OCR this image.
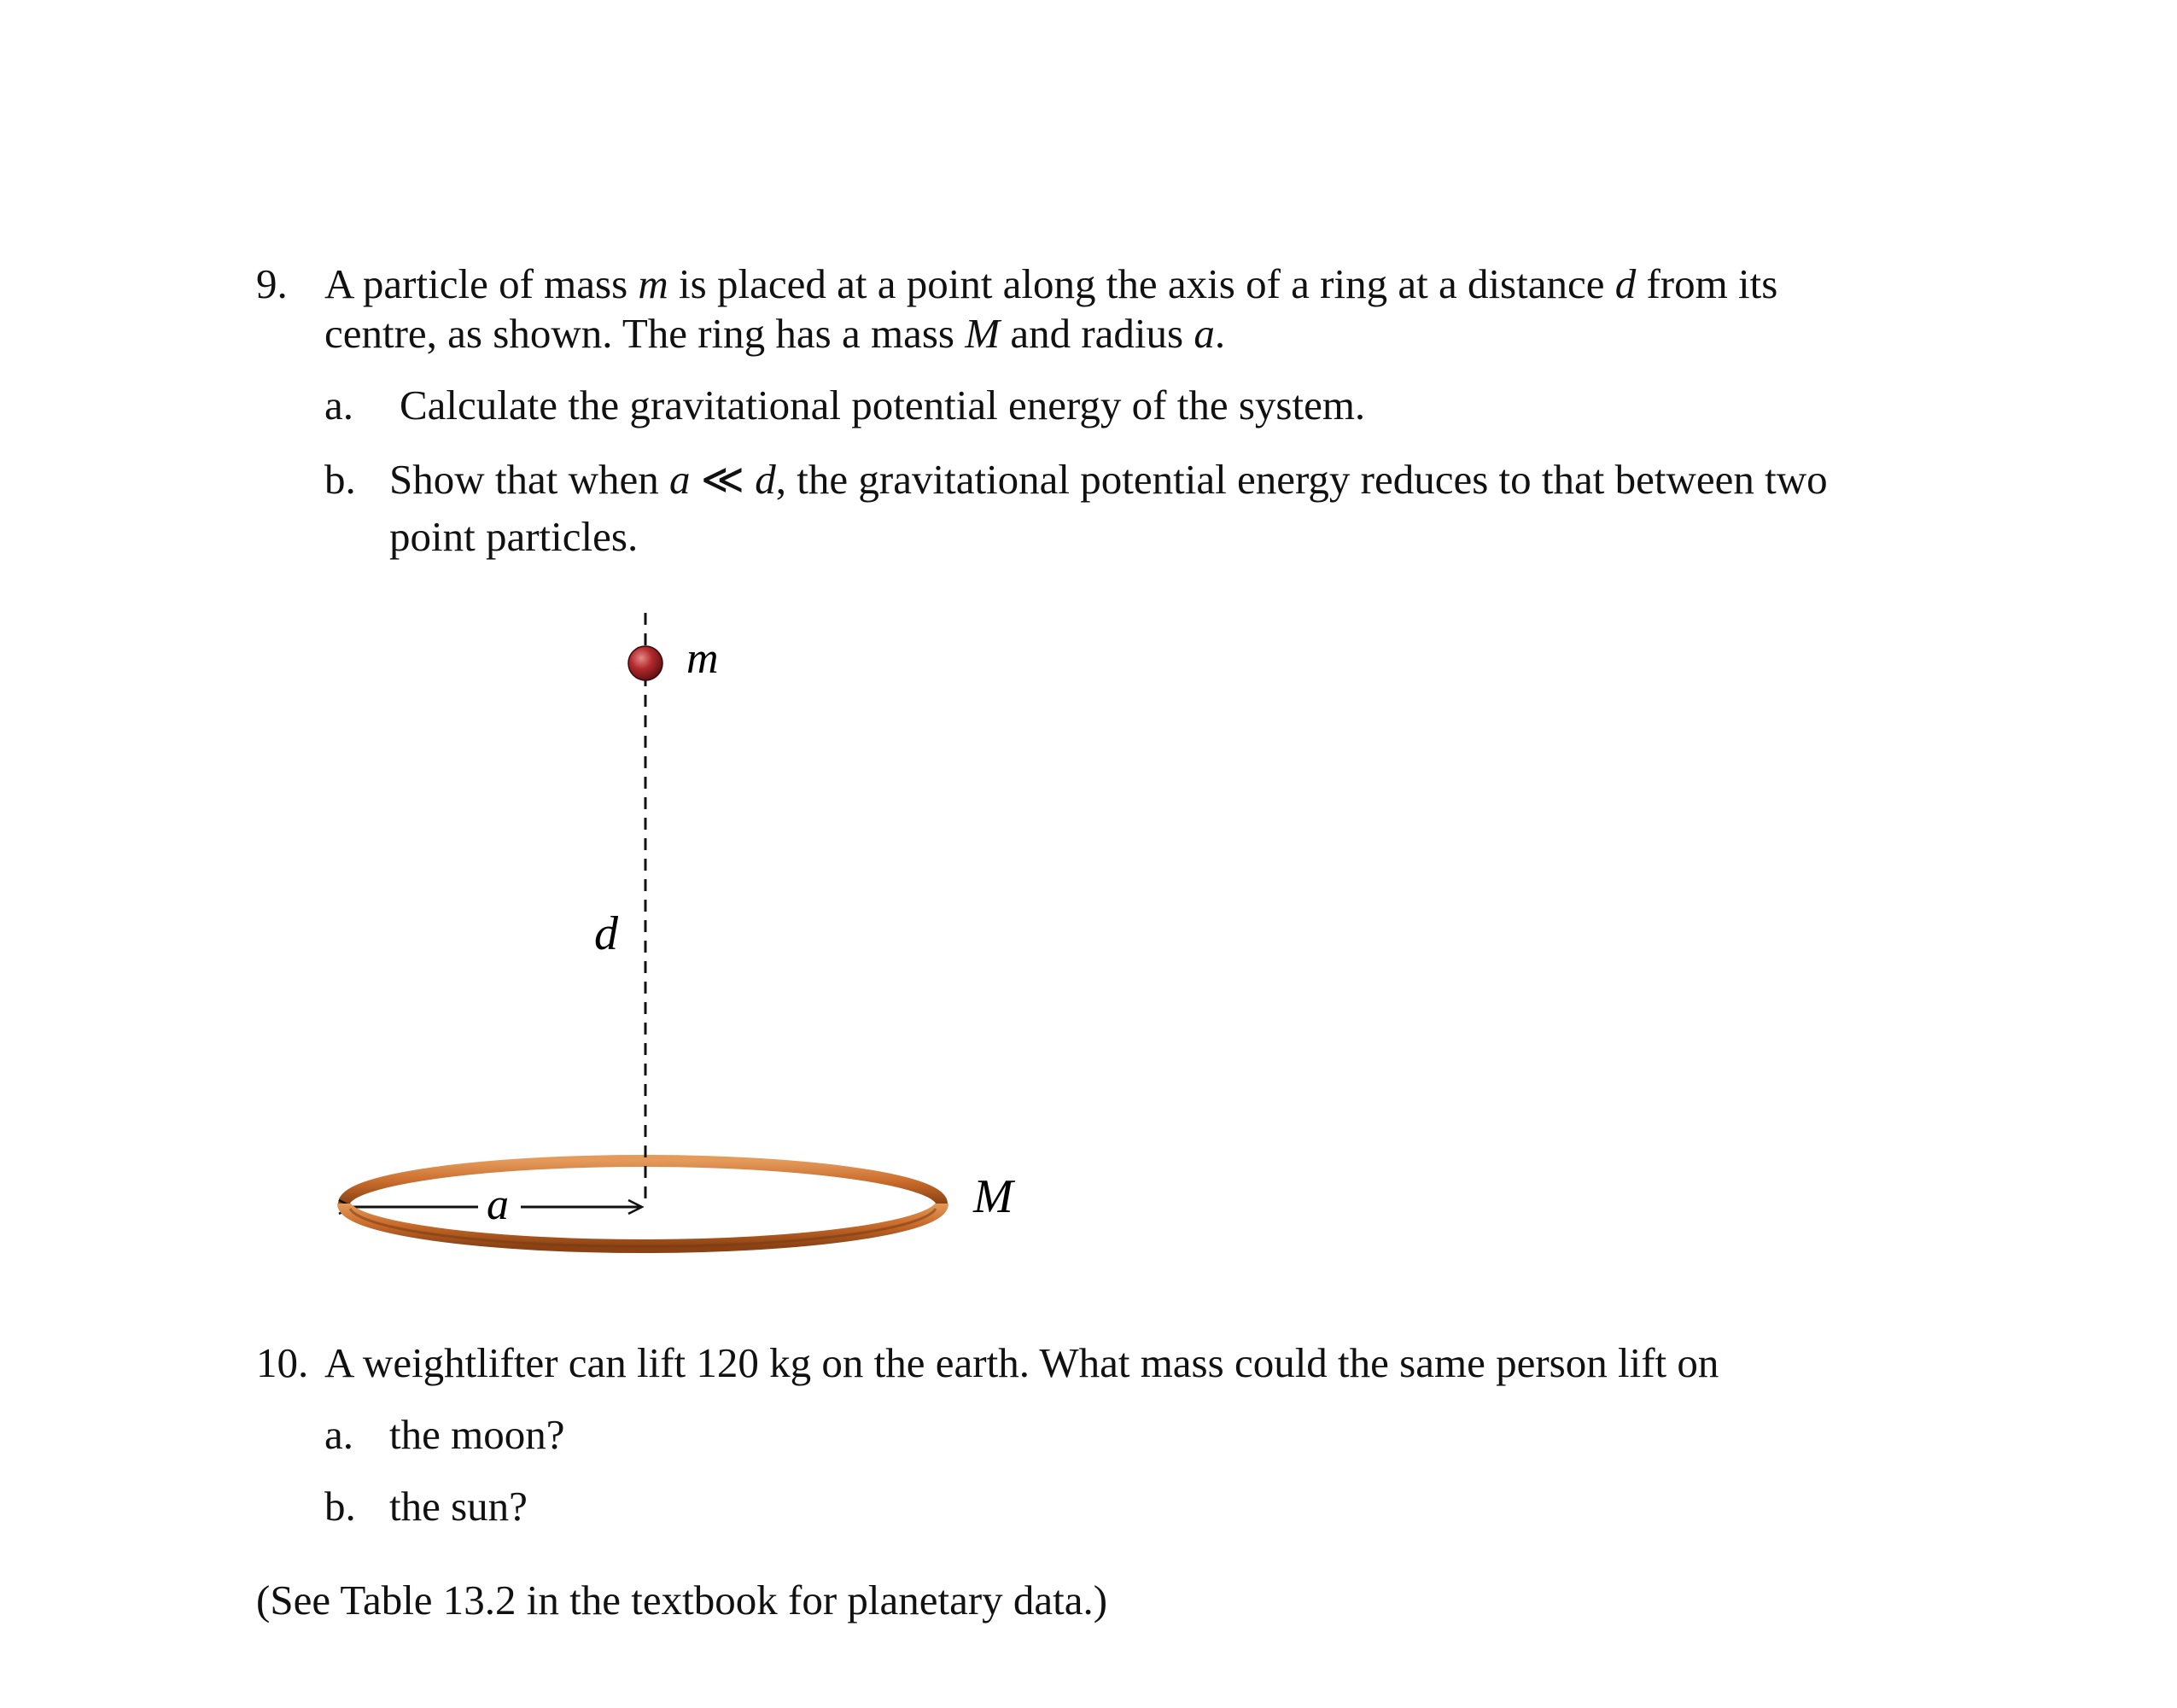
9. A particle of mass m is placed at a point along the axis of a ring at a distance d from its
centre, as shown. The ring has a mass M and radius a.
a. Calculate the gravitational potential energy of the system.
b. Show that when a ≪ d, the gravitational potential energy reduces to that between two
point particles.
m
d
a	M
10. A weightlifter can lift 120 kg on the earth. What mass could the same person lift on
a. the moon?
b. the sun?
(See Table 13.2 in the textbook for planetary data.)
